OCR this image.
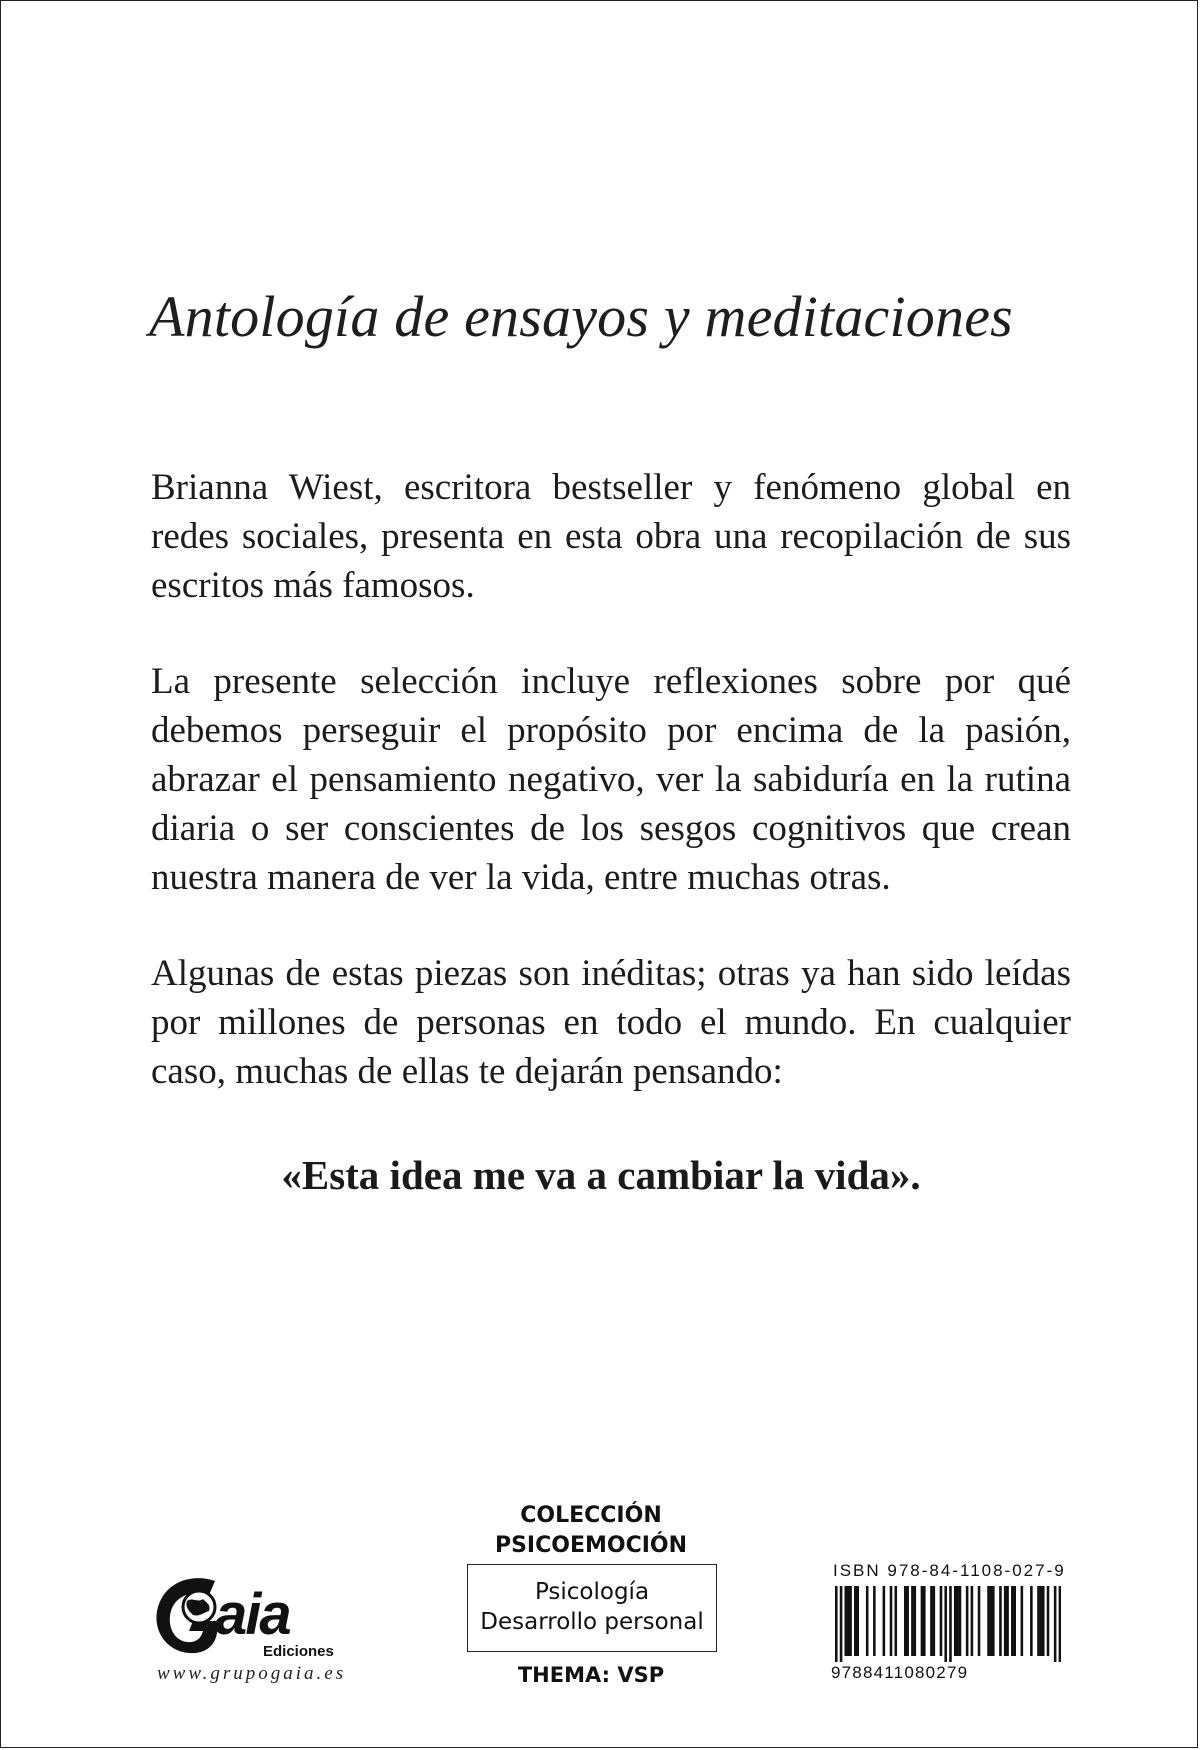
Antología de ensayos y meditaciones

Brianna Wiest, escritora bestseller y fenómeno global en redes sociales, presenta en esta obra una recopilación de sus escritos más famosos.

La presente selección incluye reflexiones sobre por qué debemos perseguir el propósito por encima de la pasión, abrazar el pensamiento negativo, ver la sabiduría en la rutina diaria o ser conscientes de los sesgos cognitivos que crean nuestra manera de ver la vida, entre muchas otras.

Algunas de estas piezas son inéditas; otras ya han sido leídas por millones de personas en todo el mundo. En cualquier caso, muchas de ellas te dejarán pensando:

«Esta idea me va a cambiar la vida».
aia
Ediciones
www.grupogaia.es
COLECCIÓN
PSICOEMOCIÓN
Psicología
Desarrollo personal
THEMA: VSP
ISBN 978-84-1108-027-9
9788411080279
